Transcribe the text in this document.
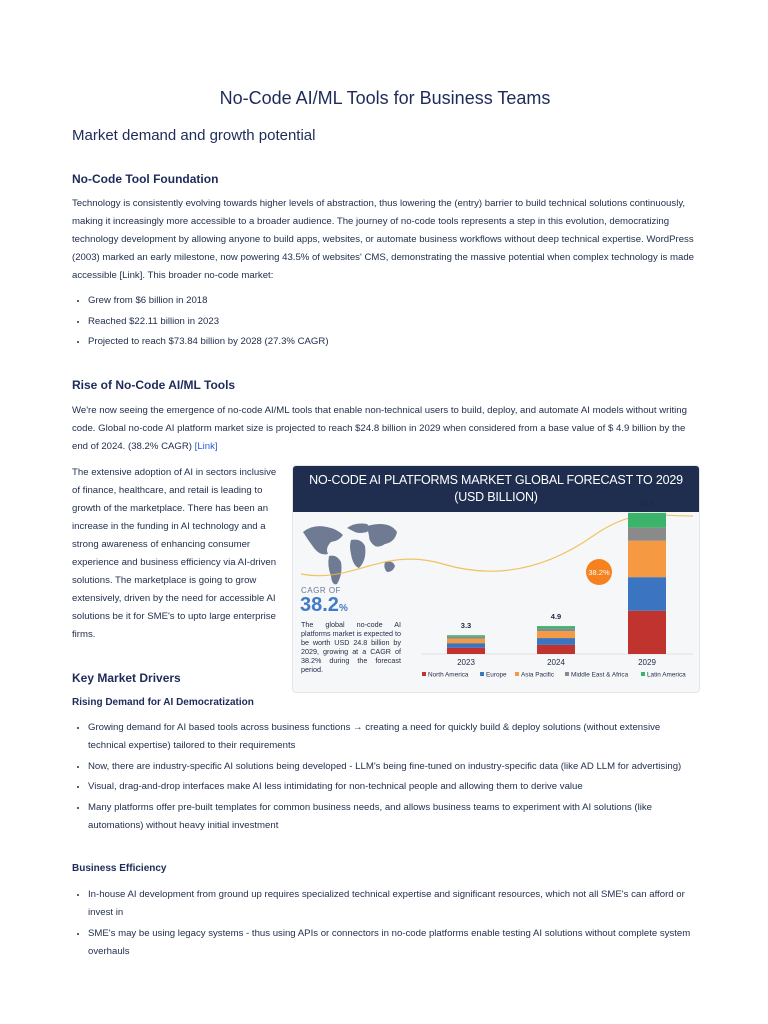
No-Code AI/ML Tools for Business Teams
Market demand and growth potential
No-Code Tool Foundation

Technology is consistently evolving towards higher levels of abstraction, thus lowering the (entry) barrier to build technical solutions continuously, making it increasingly more accessible to a broader audience. The journey of no-code tools represents a step in this evolution, democratizing technology development by allowing anyone to build apps, websites, or automate business workflows without deep technical expertise. WordPress (2003) marked an early milestone, now powering 43.5% of websites' CMS, demonstrating the massive potential when complex technology is made accessible [Link]. This broader no-code market:

• Grew from $6 billion in 2018
• Reached $22.11 billion in 2023
• Projected to reach $73.84 billion by 2028 (27.3% CAGR)
Rise of No-Code AI/ML Tools

We're now seeing the emergence of no-code AI/ML tools that enable non-technical users to build, deploy, and automate AI models without writing code. Global no-code AI platform market size is projected to reach $24.8 billion in 2029 when considered from a base value of $ 4.9 billion by the end of 2024. (38.2% CAGR) [Link]

The extensive adoption of AI in sectors inclusive of finance, healthcare, and retail is leading to growth of the marketplace. There has been an increase in the funding in AI technology and a strong awareness of enhancing consumer experience and business efficiency via AI-driven solutions. The marketplace is going to grow extensively, driven by the need for accessible AI solutions be it for SME's to upto large enterprise firms.

Key Market Drivers
Rising Demand for AI Democratization
• Growing demand for AI based tools across business functions → creating a need for quickly build & deploy solutions (without extensive technical expertise) tailored to their requirements
• Now, there are industry-specific AI solutions being developed - LLM's being fine-tuned on industry-specific data (like AD LLM for advertising)
• Visual, drag-and-drop interfaces make AI less intimidating for non-technical people and allowing them to derive value
• Many platforms offer pre-built templates for common business needs, and allows business teams to experiment with AI solutions (like automations) without heavy initial investment
Business Efficiency
• In-house AI development from ground up requires specialized technical expertise and significant resources, which not all SME's can afford or invest in
• SME's may be using legacy systems - thus using APIs or connectors in no-code platforms enable testing AI solutions without complete system overhauls
NO-CODE AI PLATFORMS MARKET GLOBAL FORECAST TO 2029 (USD BILLION)
3.3
2023
4.9
2024
24.8
2029
North America	Europe Asia Pacific	Middle East & Africa	Latin America
38.2%
CAGR OF
38.2%
The global no-code AI platforms market is expected to be worth USD 24.8 billion by 2029, growing at a CAGR of 38.2% during the forecast period.
